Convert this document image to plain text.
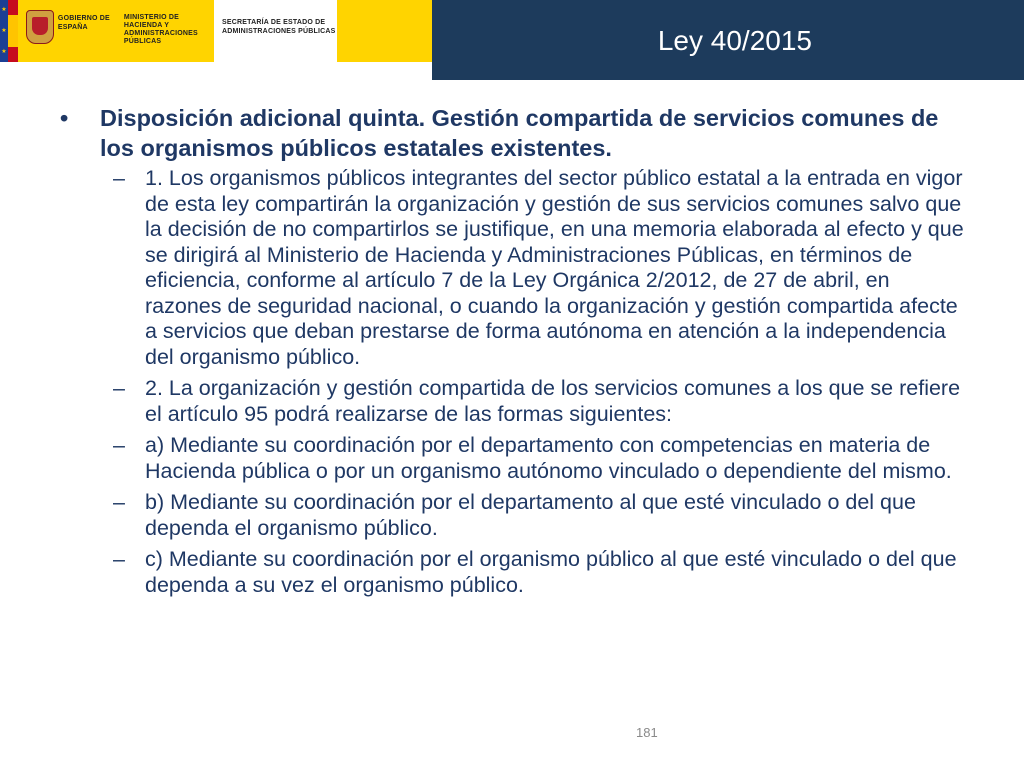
★
★
★
GOBIERNO DE ESPAÑA
MINISTERIO DE HACIENDA Y ADMINISTRACIONES PÚBLICAS
SECRETARÍA DE ESTADO DE ADMINISTRACIONES PÚBLICAS	Ley 40/2015
•	Disposición adicional quinta. Gestión compartida de servicios comunes de los organismos públicos estatales existentes.
– 1. Los organismos públicos integrantes del sector público estatal a la entrada en vigor de esta ley compartirán la organización y gestión de sus servicios comunes salvo que la decisión de no compartirlos se justifique, en una memoria elaborada al efecto y que se dirigirá al Ministerio de Hacienda y Administraciones Públicas, en términos de eficiencia, conforme al artículo 7 de la Ley Orgánica 2/2012, de 27 de abril, en razones de seguridad nacional, o cuando la organización y gestión compartida afecte a servicios que deban prestarse de forma autónoma en atención a la independencia del organismo público.
– 2. La organización y gestión compartida de los servicios comunes a los que se refiere el artículo 95 podrá realizarse de las formas siguientes:
– a) Mediante su coordinación por el departamento con competencias en materia de Hacienda pública o por un organismo autónomo vinculado o dependiente del mismo.
– b) Mediante su coordinación por el departamento al que esté vinculado o del que dependa el organismo público.
– c) Mediante su coordinación por el organismo público al que esté vinculado o del que dependa a su vez el organismo público.
181
